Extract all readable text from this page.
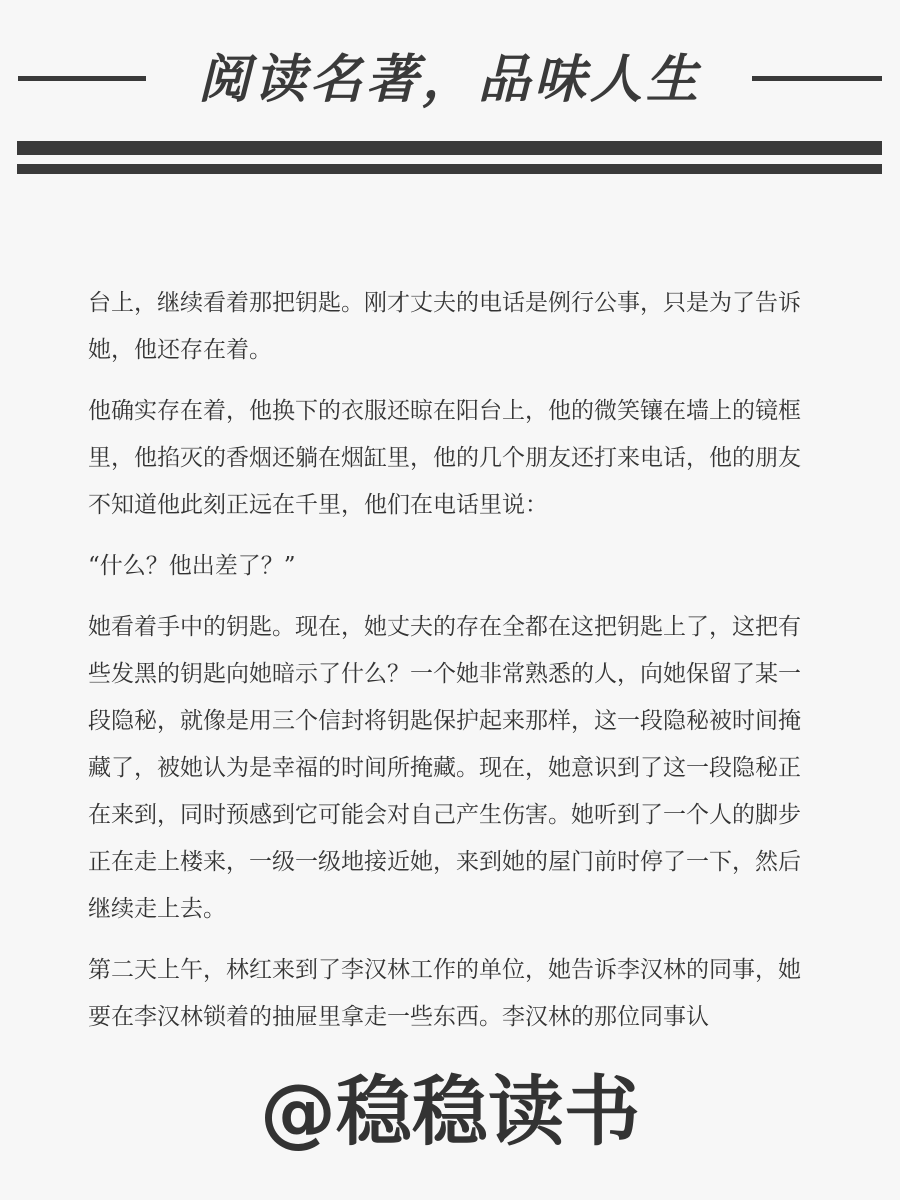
阅读名著，品味人生

台上，继续看着那把钥匙。刚才丈夫的电话是例行公事，只是为了告诉她，他还存在着。

他确实存在着，他换下的衣服还晾在阳台上，他的微笑镶在墙上的镜框里，他掐灭的香烟还躺在烟缸里，他的几个朋友还打来电话，他的朋友不知道他此刻正远在千里，他们在电话里说：

“什么？他出差了？”

她看着手中的钥匙。现在，她丈夫的存在全都在这把钥匙上了，这把有些发黑的钥匙向她暗示了什么？一个她非常熟悉的人，向她保留了某一段隐秘，就像是用三个信封将钥匙保护起来那样，这一段隐秘被时间掩藏了，被她认为是幸福的时间所掩藏。现在，她意识到了这一段隐秘正在来到，同时预感到它可能会对自己产生伤害。她听到了一个人的脚步正在走上楼来，一级一级地接近她，来到她的屋门前时停了一下，然后继续走上去。

第二天上午，林红来到了李汉林工作的单位，她告诉李汉林的同事，她要在李汉林锁着的抽屉里拿走一些东西。李汉林的那位同事认

@稳稳读书
